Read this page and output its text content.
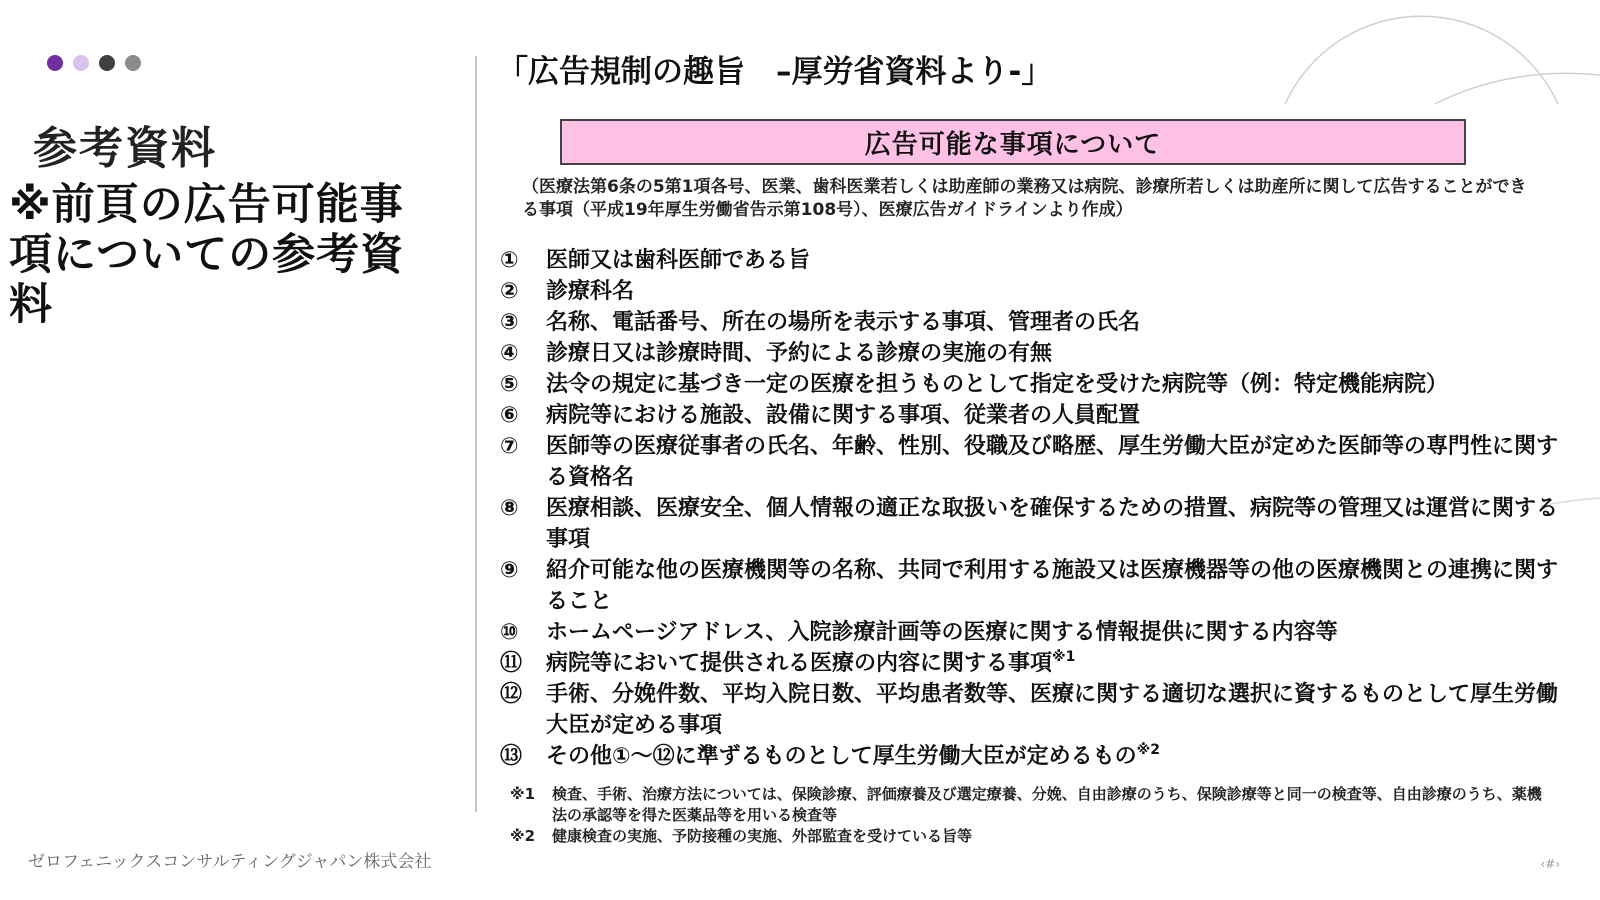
参考資料

※前頁の広告可能事項についての参考資料

ゼロフェニックスコンサルティングジャパン株式会社
「広告規制の趣旨　–厚労省資料より-」
広告可能な事項について

（医療法第6条の5第1項各号、医業、歯科医業若しくは助産師の業務又は病院、診療所若しくは助産所に関して広告することができる事項（平成19年厚生労働省告示第108号）、医療広告ガイドラインより作成）

①	医師又は歯科医師である旨
②	診療科名
③	名称、電話番号、所在の場所を表示する事項、管理者の氏名
④	診療日又は診療時間、予約による診療の実施の有無
⑤	法令の規定に基づき一定の医療を担うものとして指定を受けた病院等（例：特定機能病院）
⑥	病院等における施設、設備に関する事項、従業者の人員配置
⑦	医師等の医療従事者の氏名、年齢、性別、役職及び略歴、厚生労働大臣が定めた医師等の専門性に関する資格名
⑧	医療相談、医療安全、個人情報の適正な取扱いを確保するための措置、病院等の管理又は運営に関する事項
⑨	紹介可能な他の医療機関等の名称、共同で利用する施設又は医療機器等の他の医療機関との連携に関すること
⑩	ホームページアドレス、入院診療計画等の医療に関する情報提供に関する内容等
⑪	病院等において提供される医療の内容に関する事項$^{※1}$
⑫	手術、分娩件数、平均入院日数、平均患者数等、医療に関する適切な選択に資するものとして厚生労働大臣が定める事項
⑬	その他①～⑫に準ずるものとして厚生労働大臣が定めるもの$^{※2}$
※1	検査、手術、治療方法については、保険診療、評価療養及び選定療養、分娩、自由診療のうち、保険診療等と同一の検査等、自由診療のうち、薬機法の承認等を得た医薬品等を用いる検査等
※2	健康検査の実施、予防接種の実施、外部監査を受けている旨等
‹#›
